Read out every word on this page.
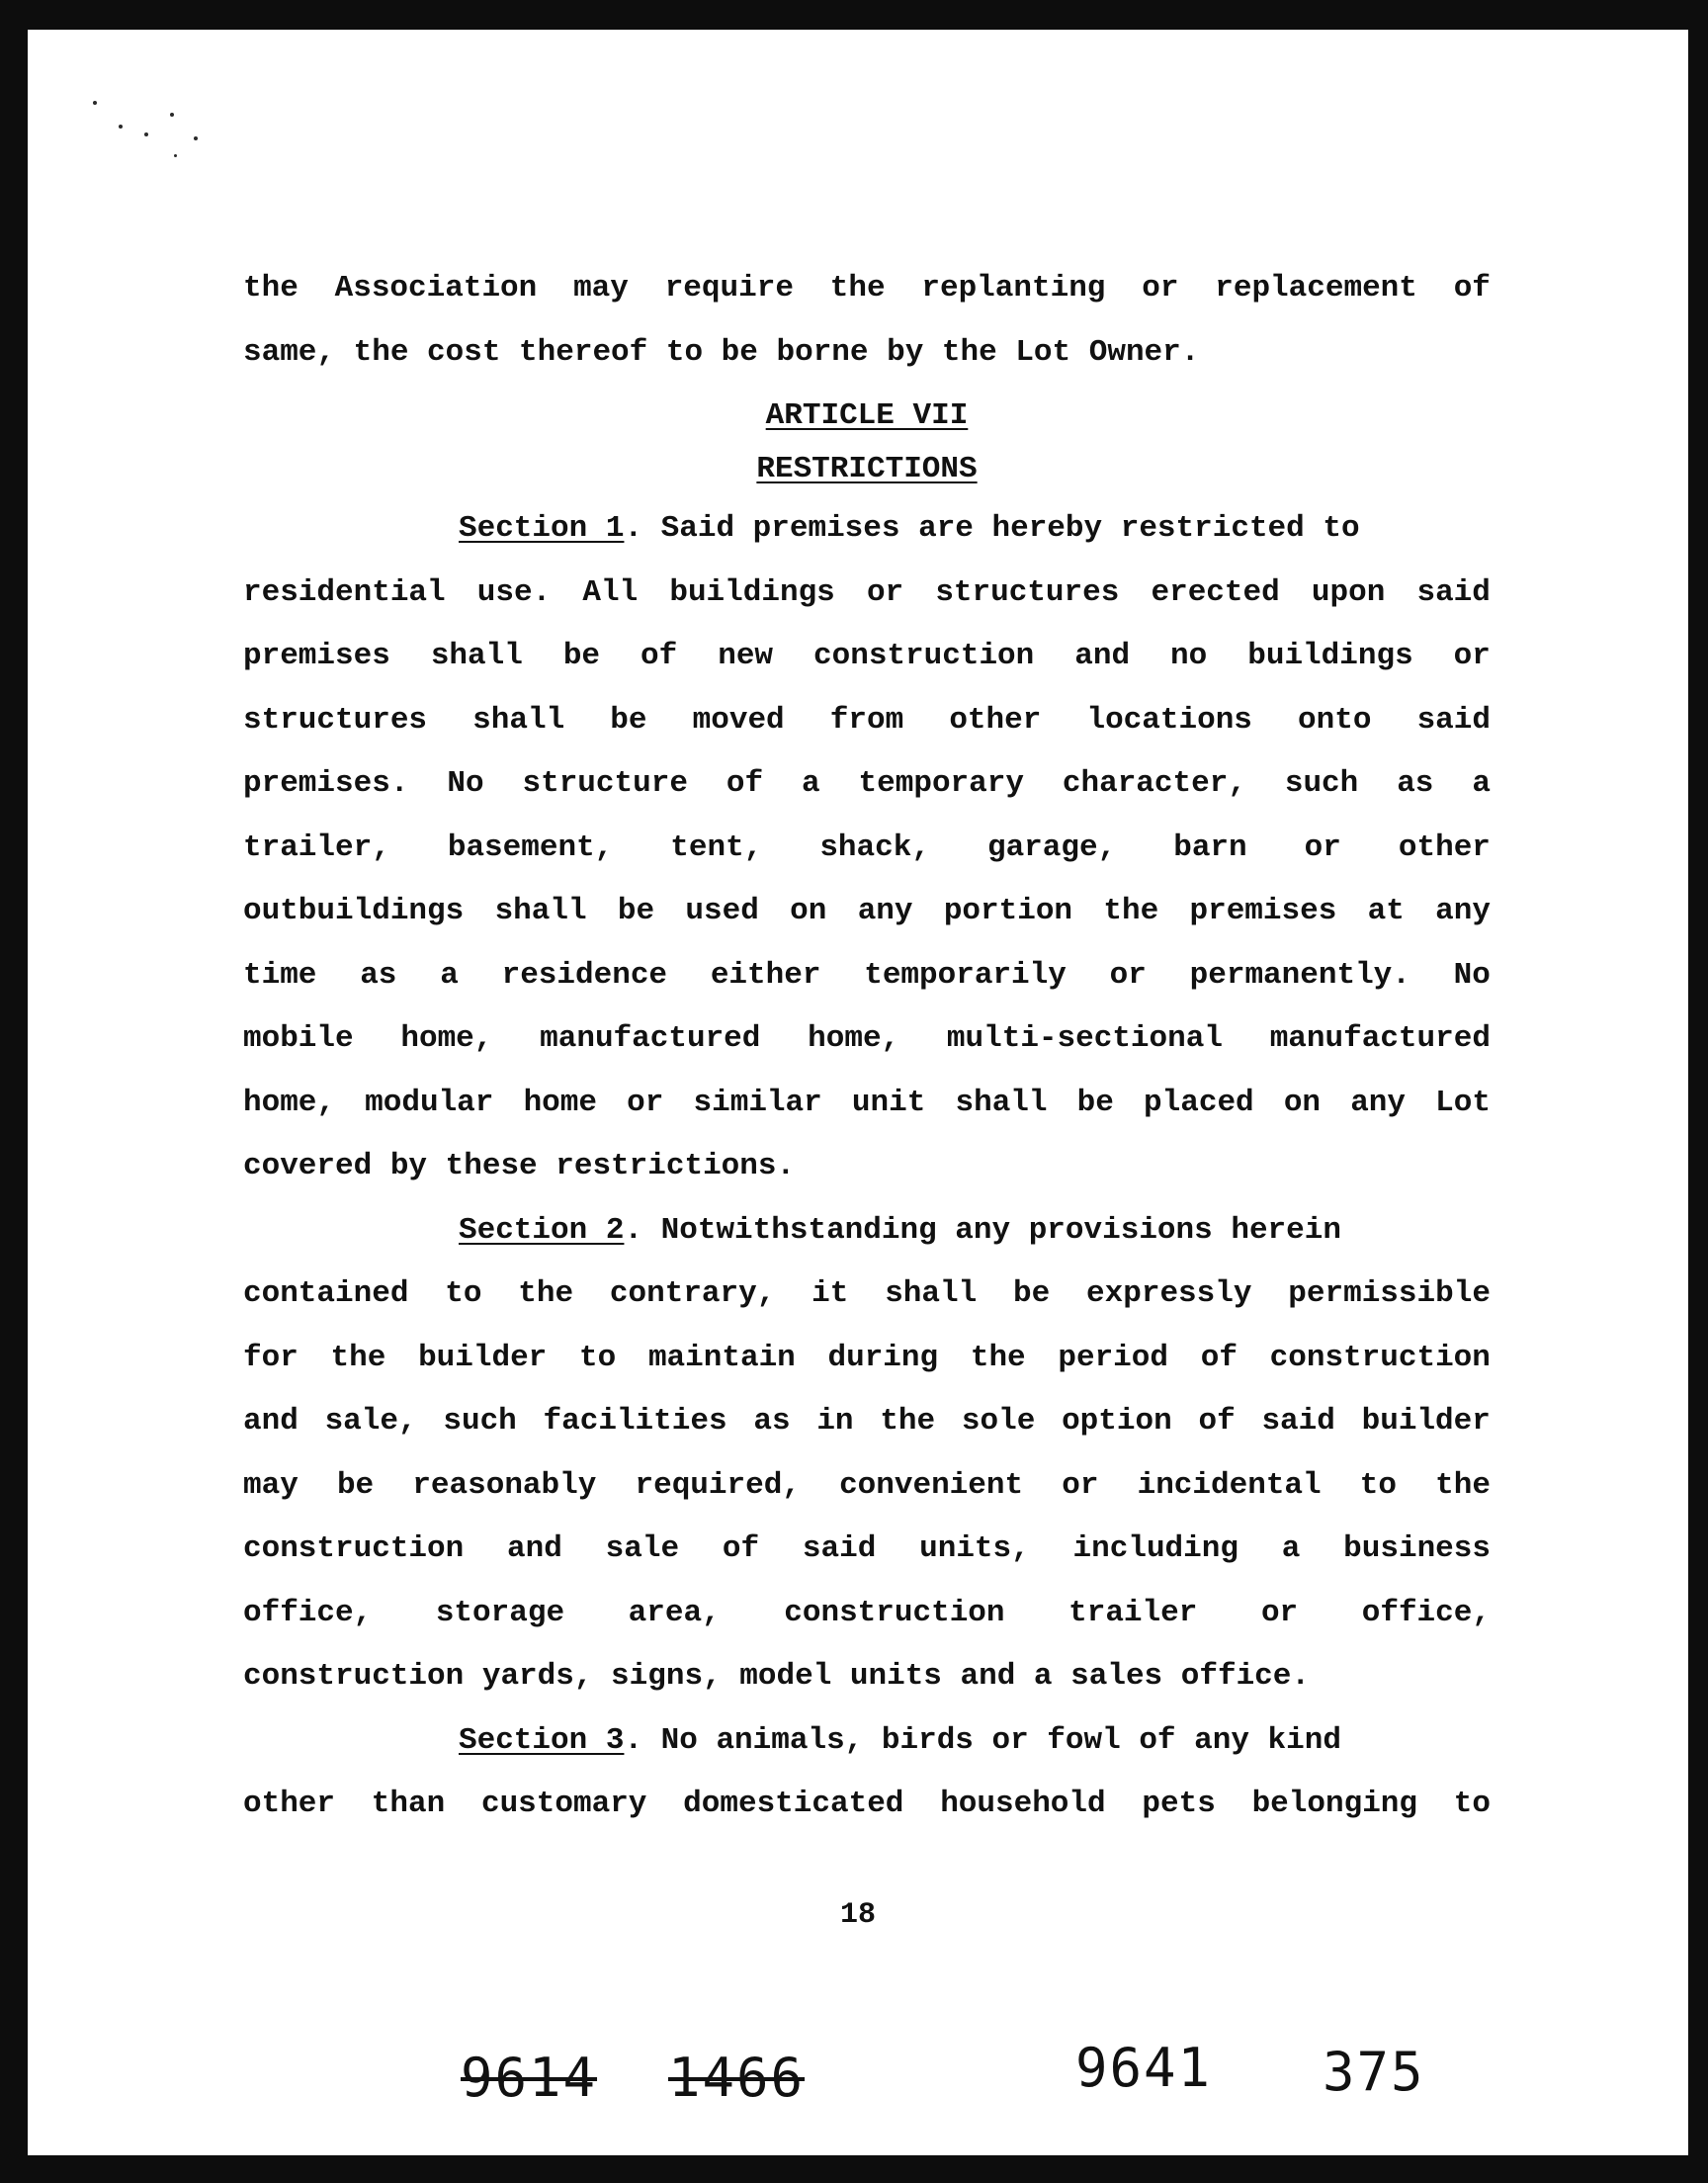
the Association may require the replanting or replacement of
same, the cost thereof to be borne by the Lot Owner.
ARTICLE VII
RESTRICTIONS
Section 1 . Said premises are hereby restricted to
residential use. All buildings or structures erected upon said
premises shall be of new construction and no buildings or
structures shall be moved from other locations onto said
premises. No structure of a temporary character, such as a
trailer, basement, tent, shack, garage, barn or other
outbuildings shall be used on any portion the premises at any
time as a residence either temporarily or permanently. No
mobile home, manufactured home, multi-sectional manufactured
home, modular home or similar unit shall be placed on any Lot
covered by these restrictions.
Section 2 . Notwithstanding any provisions herein
contained to the contrary, it shall be expressly permissible
for the builder to maintain during the period of construction
and sale, such facilities as in the sole option of said builder
may be reasonably required, convenient or incidental to the
construction and sale of said units, including a business
office, storage area, construction trailer or office,
construction yards, signs, model units and a sales office.
Section 3 . No animals, birds or fowl of any kind
other than customary domesticated household pets belonging to
18
9614 1466	9641 375
